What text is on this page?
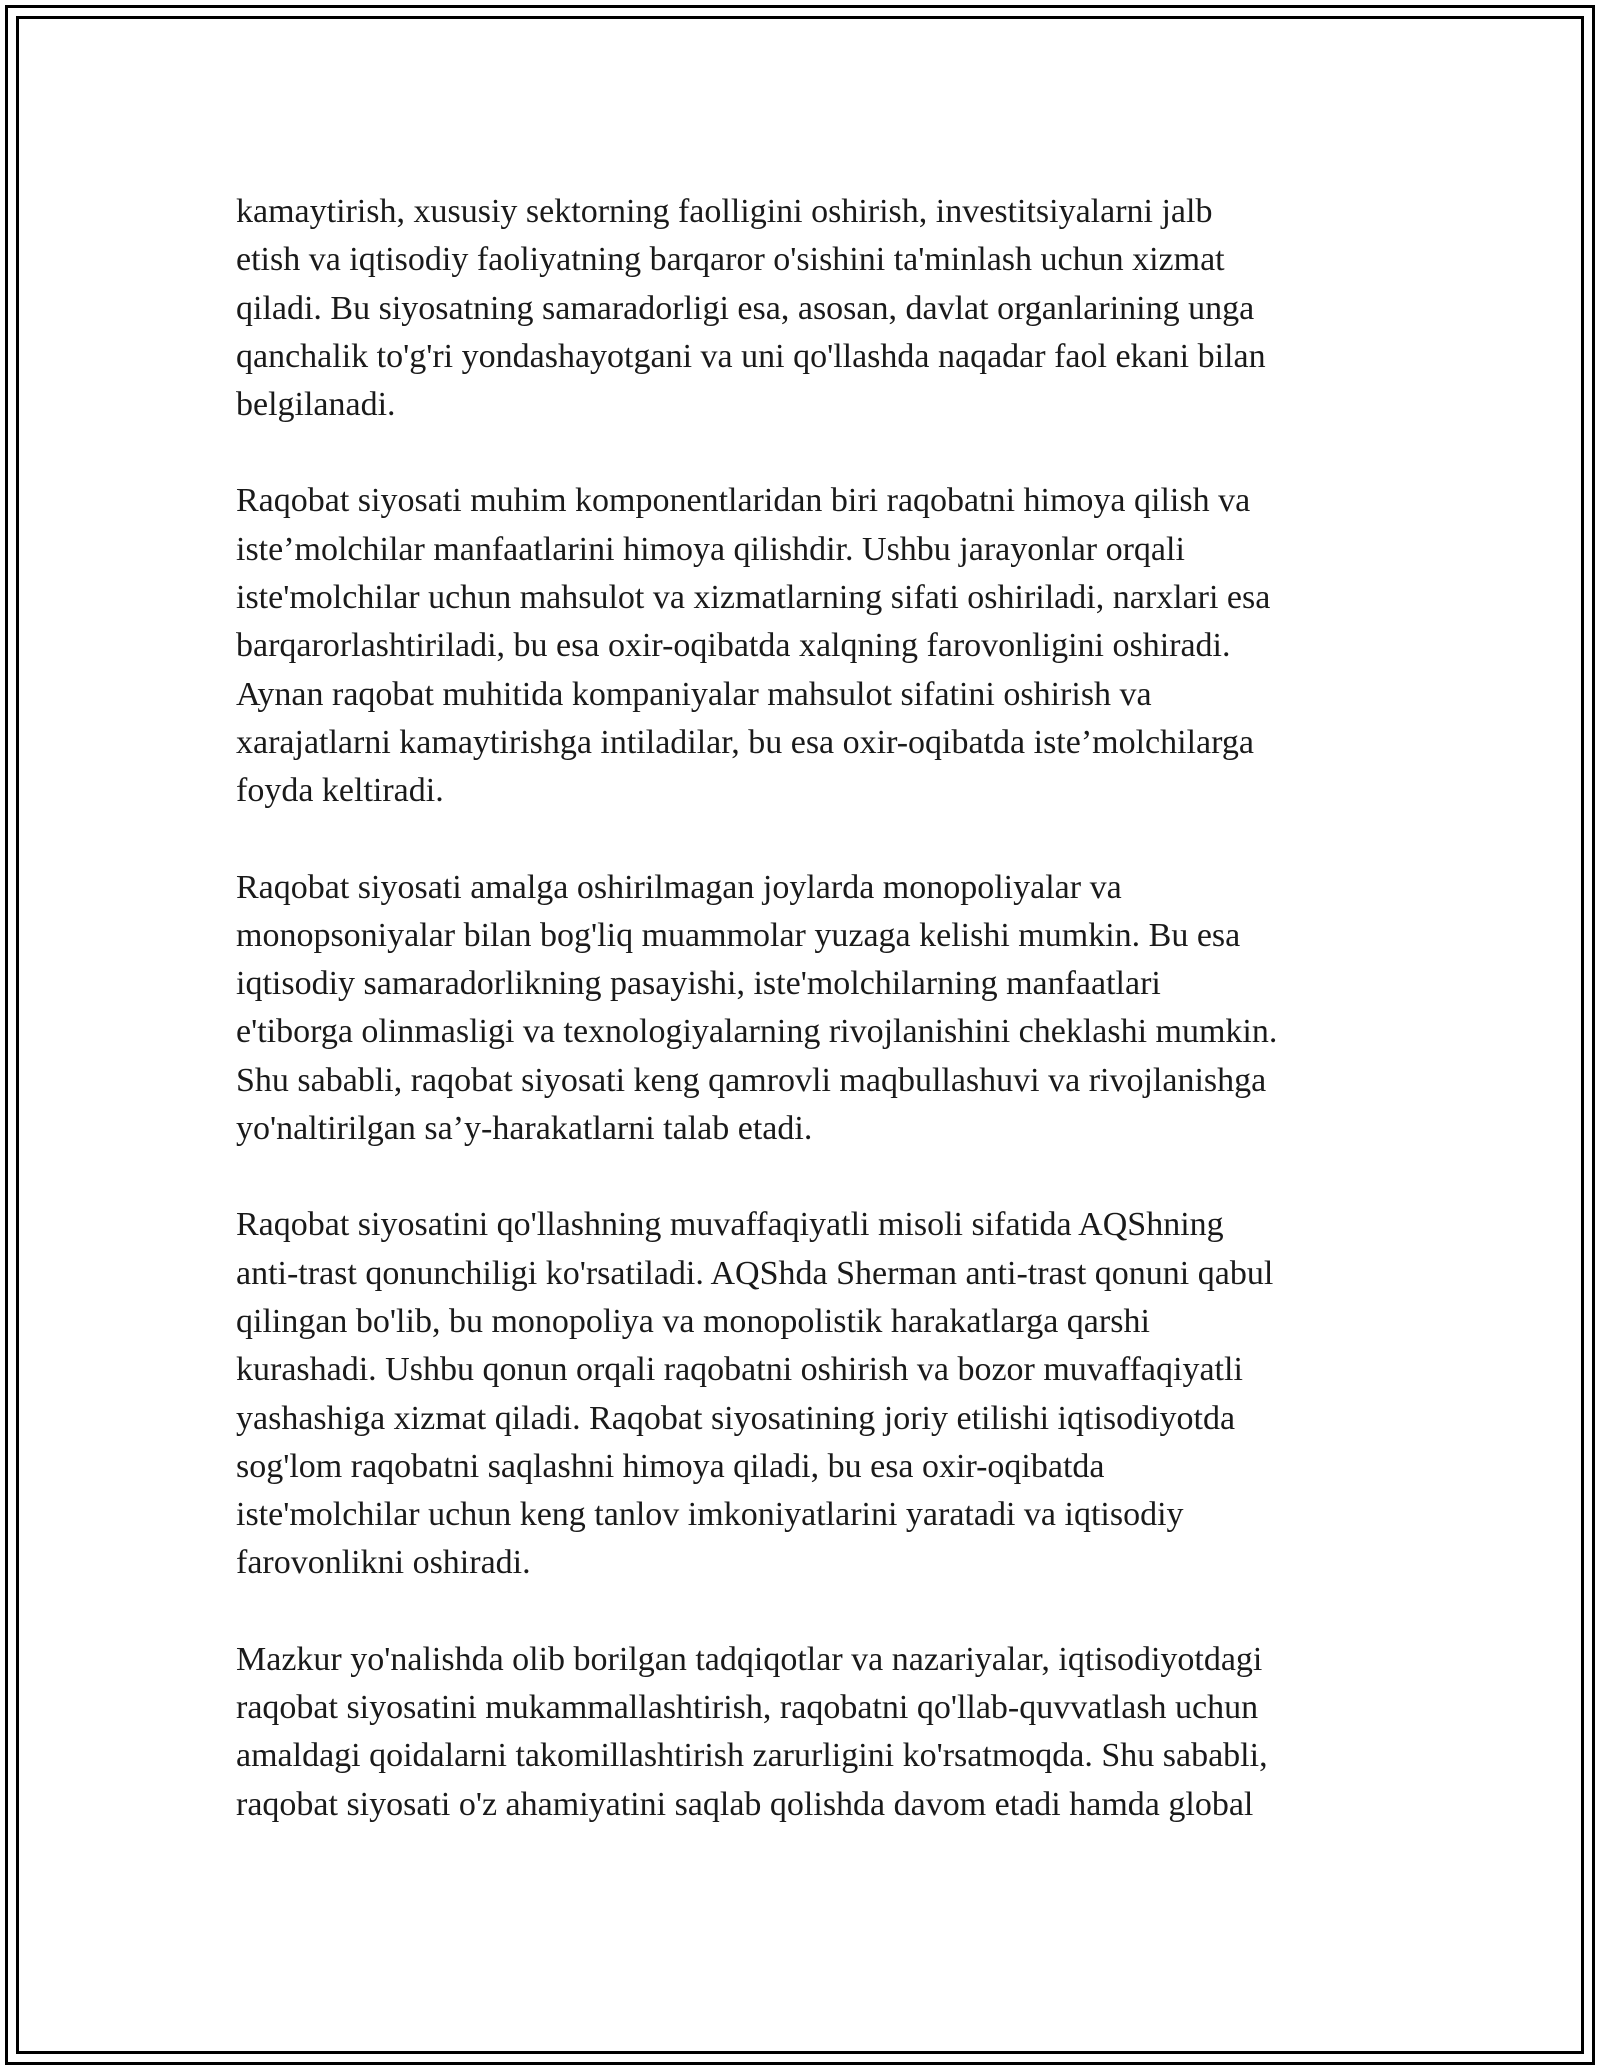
kamaytirish, xususiy sektorning faolligini oshirish, investitsiyalarni jalb
etish va iqtisodiy faoliyatning barqaror o'sishini ta'minlash uchun xizmat
qiladi. Bu siyosatning samaradorligi esa, asosan, davlat organlarining unga
qanchalik to'g'ri yondashayotgani va uni qo'llashda naqadar faol ekani bilan
belgilanadi.

Raqobat siyosati muhim komponentlaridan biri raqobatni himoya qilish va
iste’molchilar manfaatlarini himoya qilishdir. Ushbu jarayonlar orqali
iste'molchilar uchun mahsulot va xizmatlarning sifati oshiriladi, narxlari esa
barqarorlashtiriladi, bu esa oxir-oqibatda xalqning farovonligini oshiradi.
Aynan raqobat muhitida kompaniyalar mahsulot sifatini oshirish va
xarajatlarni kamaytirishga intiladilar, bu esa oxir-oqibatda iste’molchilarga
foyda keltiradi.

Raqobat siyosati amalga oshirilmagan joylarda monopoliyalar va
monopsoniyalar bilan bog'liq muammolar yuzaga kelishi mumkin. Bu esa
iqtisodiy samaradorlikning pasayishi, iste'molchilarning manfaatlari
e'tiborga olinmasligi va texnologiyalarning rivojlanishini cheklashi mumkin.
Shu sababli, raqobat siyosati keng qamrovli maqbullashuvi va rivojlanishga
yo'naltirilgan sa’y-harakatlarni talab etadi.

Raqobat siyosatini qo'llashning muvaffaqiyatli misoli sifatida AQShning
anti-trast qonunchiligi ko'rsatiladi. AQShda Sherman anti-trast qonuni qabul
qilingan bo'lib, bu monopoliya va monopolistik harakatlarga qarshi
kurashadi. Ushbu qonun orqali raqobatni oshirish va bozor muvaffaqiyatli
yashashiga xizmat qiladi. Raqobat siyosatining joriy etilishi iqtisodiyotda
sog'lom raqobatni saqlashni himoya qiladi, bu esa oxir-oqibatda
iste'molchilar uchun keng tanlov imkoniyatlarini yaratadi va iqtisodiy
farovonlikni oshiradi.

Mazkur yo'nalishda olib borilgan tadqiqotlar va nazariyalar, iqtisodiyotdagi
raqobat siyosatini mukammallashtirish, raqobatni qo'llab-quvvatlash uchun
amaldagi qoidalarni takomillashtirish zarurligini ko'rsatmoqda. Shu sababli,
raqobat siyosati o'z ahamiyatini saqlab qolishda davom etadi hamda global
